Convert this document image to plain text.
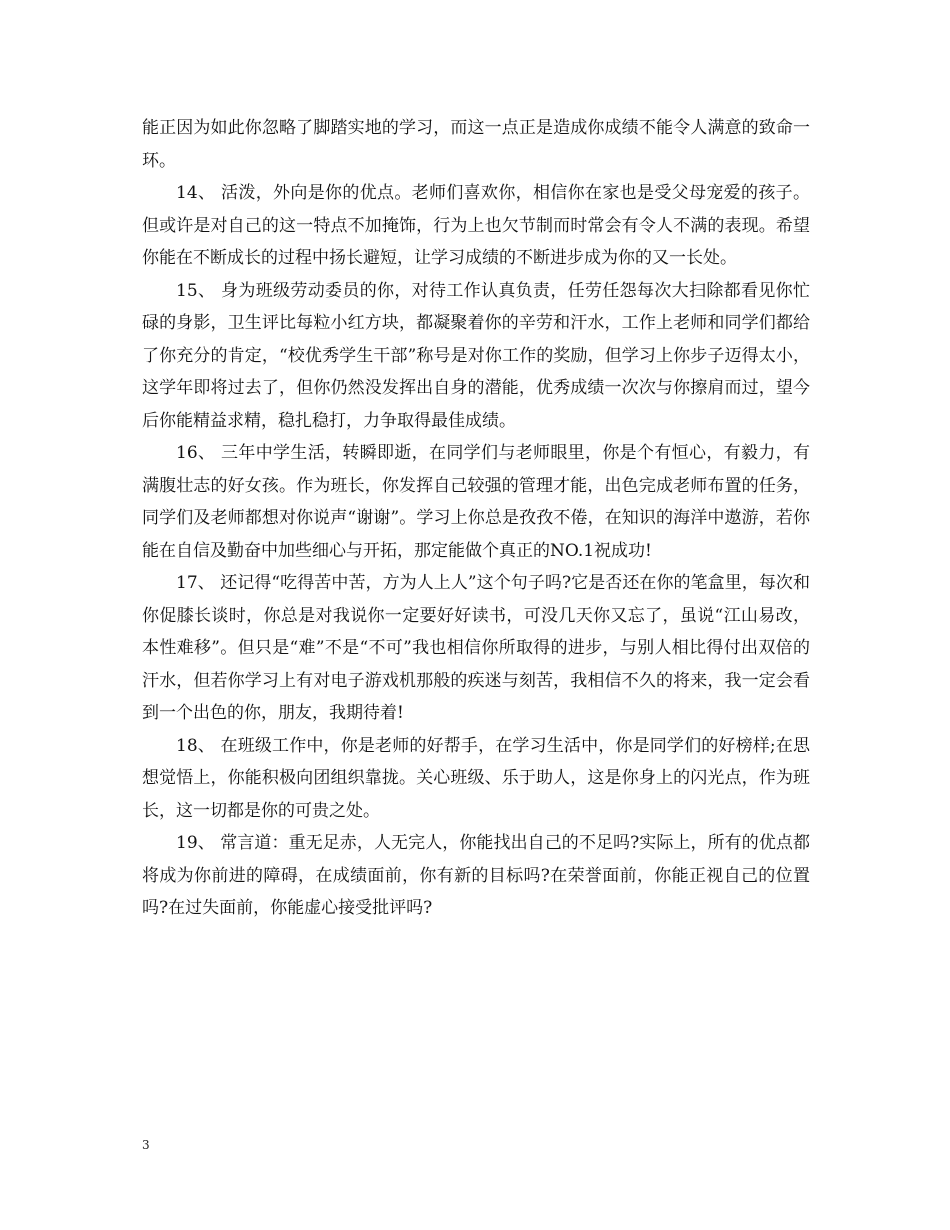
能正因为如此你忽略了脚踏实地的学习，而这一点正是造成你成绩不能令人满意的致命一环。

14、 活泼，外向是你的优点。老师们喜欢你，相信你在家也是受父母宠爱的孩子。但或许是对自己的这一特点不加掩饰，行为上也欠节制而时常会有令人不满的表现。希望你能在不断成长的过程中扬长避短，让学习成绩的不断进步成为你的又一长处。

15、 身为班级劳动委员的你，对待工作认真负责，任劳任怨每次大扫除都看见你忙碌的身影，卫生评比每粒小红方块，都凝聚着你的辛劳和汗水，工作上老师和同学们都给了你充分的肯定，“校优秀学生干部”称号是对你工作的奖励，但学习上你步子迈得太小，这学年即将过去了，但你仍然没发挥出自身的潜能，优秀成绩一次次与你擦肩而过，望今后你能精益求精，稳扎稳打，力争取得最佳成绩。

16、 三年中学生活，转瞬即逝，在同学们与老师眼里，你是个有恒心，有毅力，有满腹壮志的好女孩。作为班长，你发挥自己较强的管理才能，出色完成老师布置的任务，同学们及老师都想对你说声“谢谢”。学习上你总是孜孜不倦，在知识的海洋中遨游，若你能在自信及勤奋中加些细心与开拓，那定能做个真正的NO.1祝成功!

17、 还记得“吃得苦中苦，方为人上人”这个句子吗?它是否还在你的笔盒里，每次和你促膝长谈时，你总是对我说你一定要好好读书，可没几天你又忘了，虽说“江山易改，本性难移”。但只是“难”不是“不可”我也相信你所取得的进步，与别人相比得付出双倍的汗水，但若你学习上有对电子游戏机那般的疾迷与刻苦，我相信不久的将来，我一定会看到一个出色的你，朋友，我期待着!

18、 在班级工作中，你是老师的好帮手，在学习生活中，你是同学们的好榜样;在思想觉悟上，你能积极向团组织靠拢。关心班级、乐于助人，这是你身上的闪光点，作为班长，这一切都是你的可贵之处。

19、 常言道：重无足赤，人无完人，你能找出自己的不足吗?实际上，所有的优点都将成为你前进的障碍，在成绩面前，你有新的目标吗?在荣誉面前，你能正视自己的位置吗?在过失面前，你能虚心接受批评吗?

3
